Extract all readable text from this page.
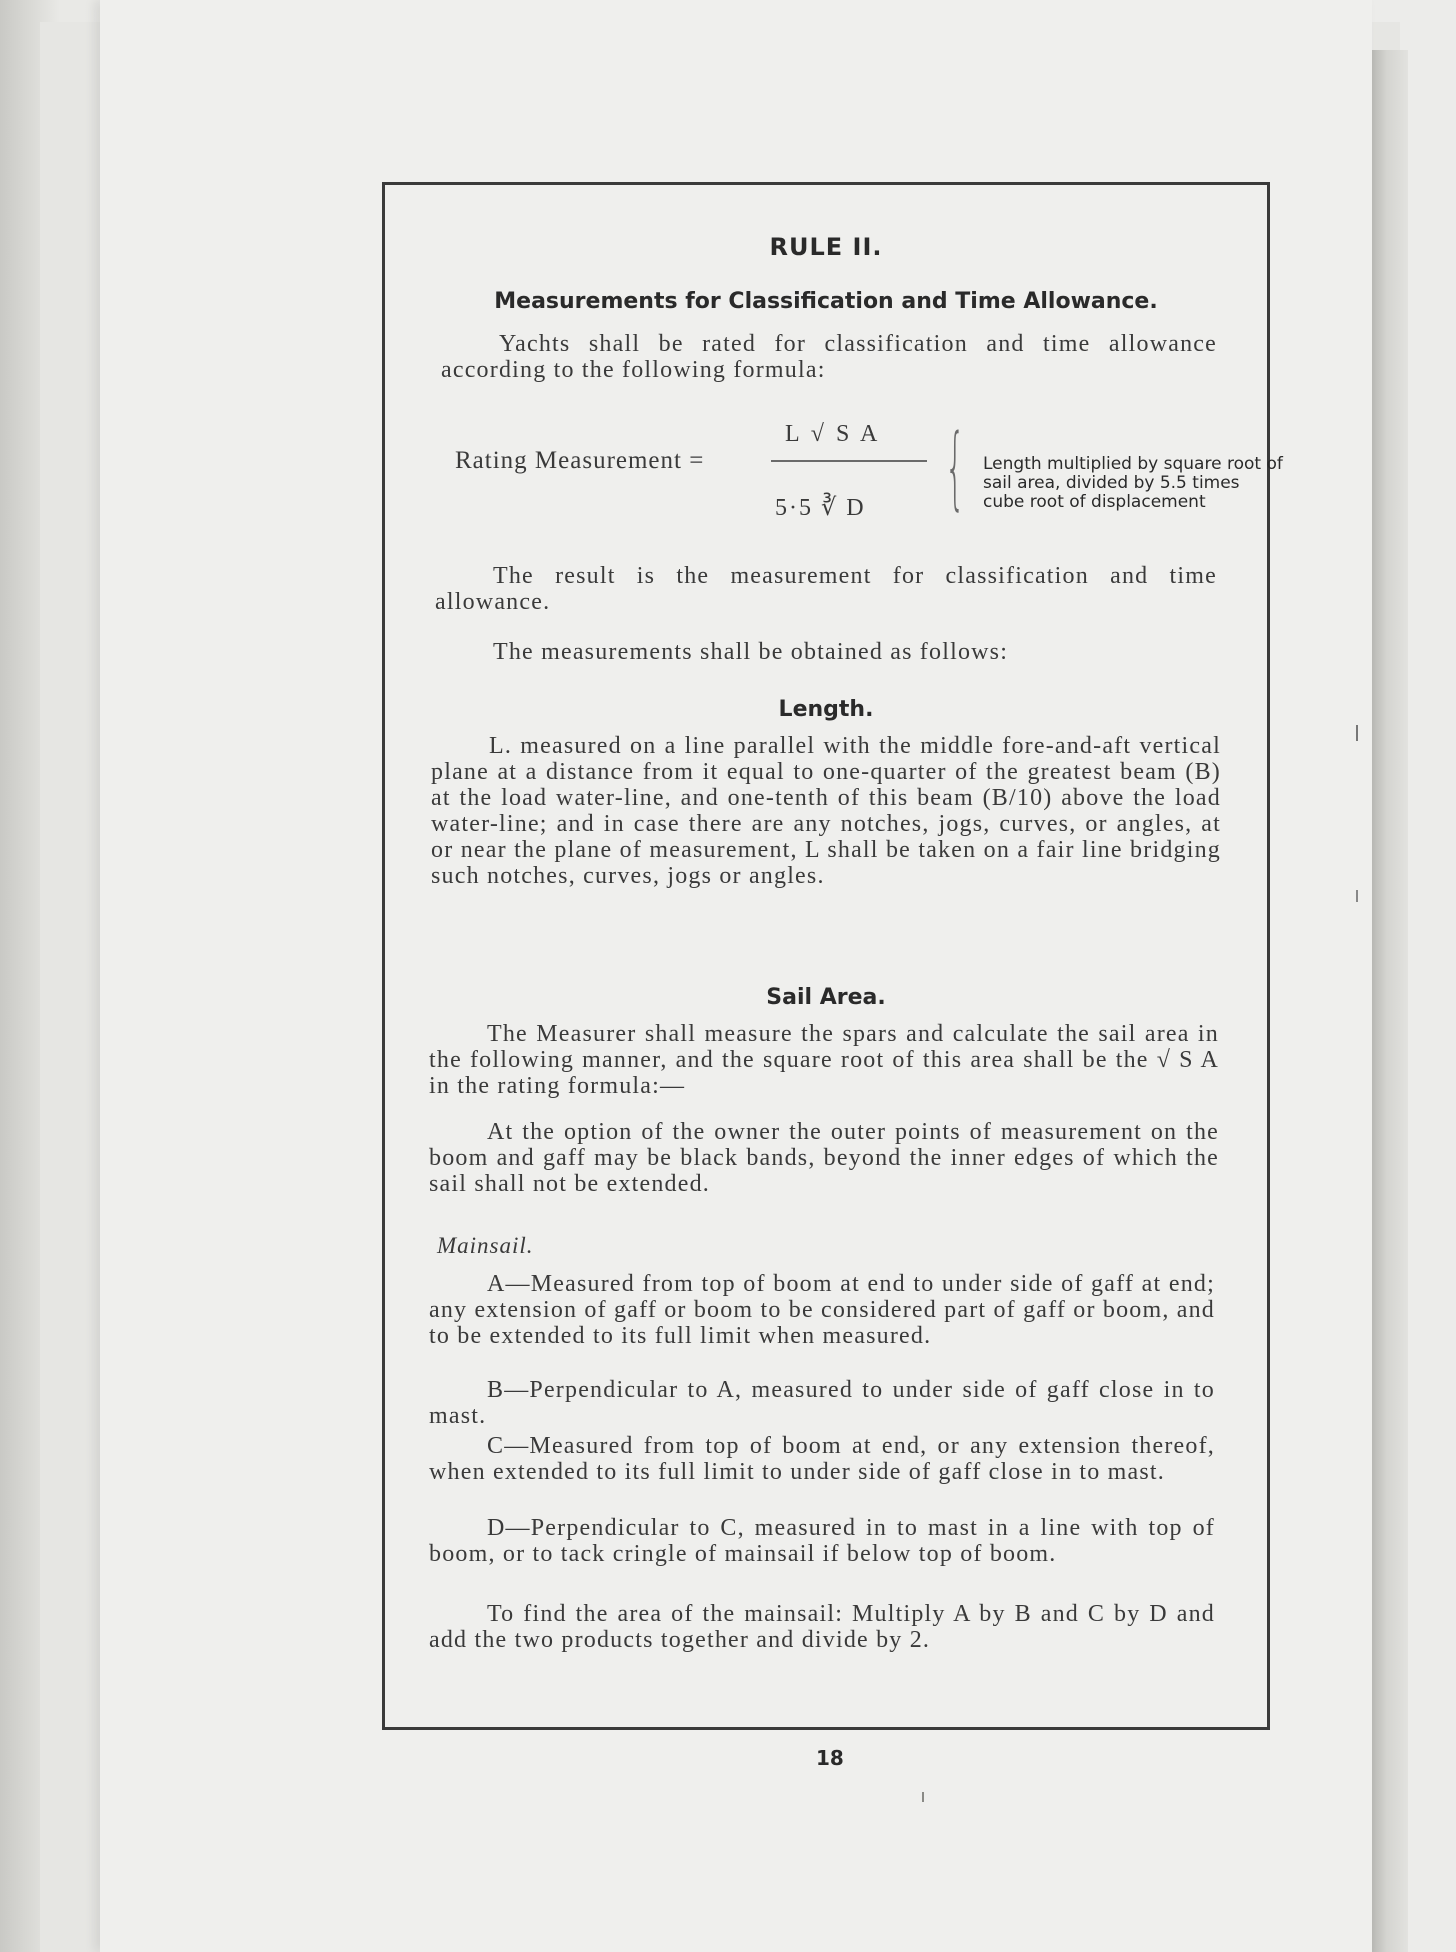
RULE II.
Measurements for Classification and Time Allowance.
Yachts shall be rated for classification and time allowance according to the following formula:
Rating Measurement =
L √ S A
5·5 ∛ D { Length multiplied by square root of sail area, divided by 5.5 times cube root of displacement
The result is the measurement for classification and time allowance.
The measurements shall be obtained as follows:
Length.
L. measured on a line parallel with the middle fore-and-aft vertical plane at a distance from it equal to one-quarter of the greatest beam (B) at the load water-line, and one-tenth of this beam (B/10) above the load water-line; and in case there are any notches, jogs, curves, or angles, at or near the plane of measurement, L shall be taken on a fair line bridging such notches, curves, jogs or angles.
Sail Area.
The Measurer shall measure the spars and calculate the sail area in the following manner, and the square root of this area shall be the √ S A in the rating formula:—
At the option of the owner the outer points of measurement on the boom and gaff may be black bands, beyond the inner edges of which the sail shall not be extended.
Mainsail.
A—Measured from top of boom at end to under side of gaff at end; any extension of gaff or boom to be considered part of gaff or boom, and to be extended to its full limit when measured.
B—Perpendicular to A, measured to under side of gaff close in to mast.
C—Measured from top of boom at end, or any extension thereof, when extended to its full limit to under side of gaff close in to mast.
D—Perpendicular to C, measured in to mast in a line with top of boom, or to tack cringle of mainsail if below top of boom.
To find the area of the mainsail: Multiply A by B and C by D and add the two products together and divide by 2.
18
